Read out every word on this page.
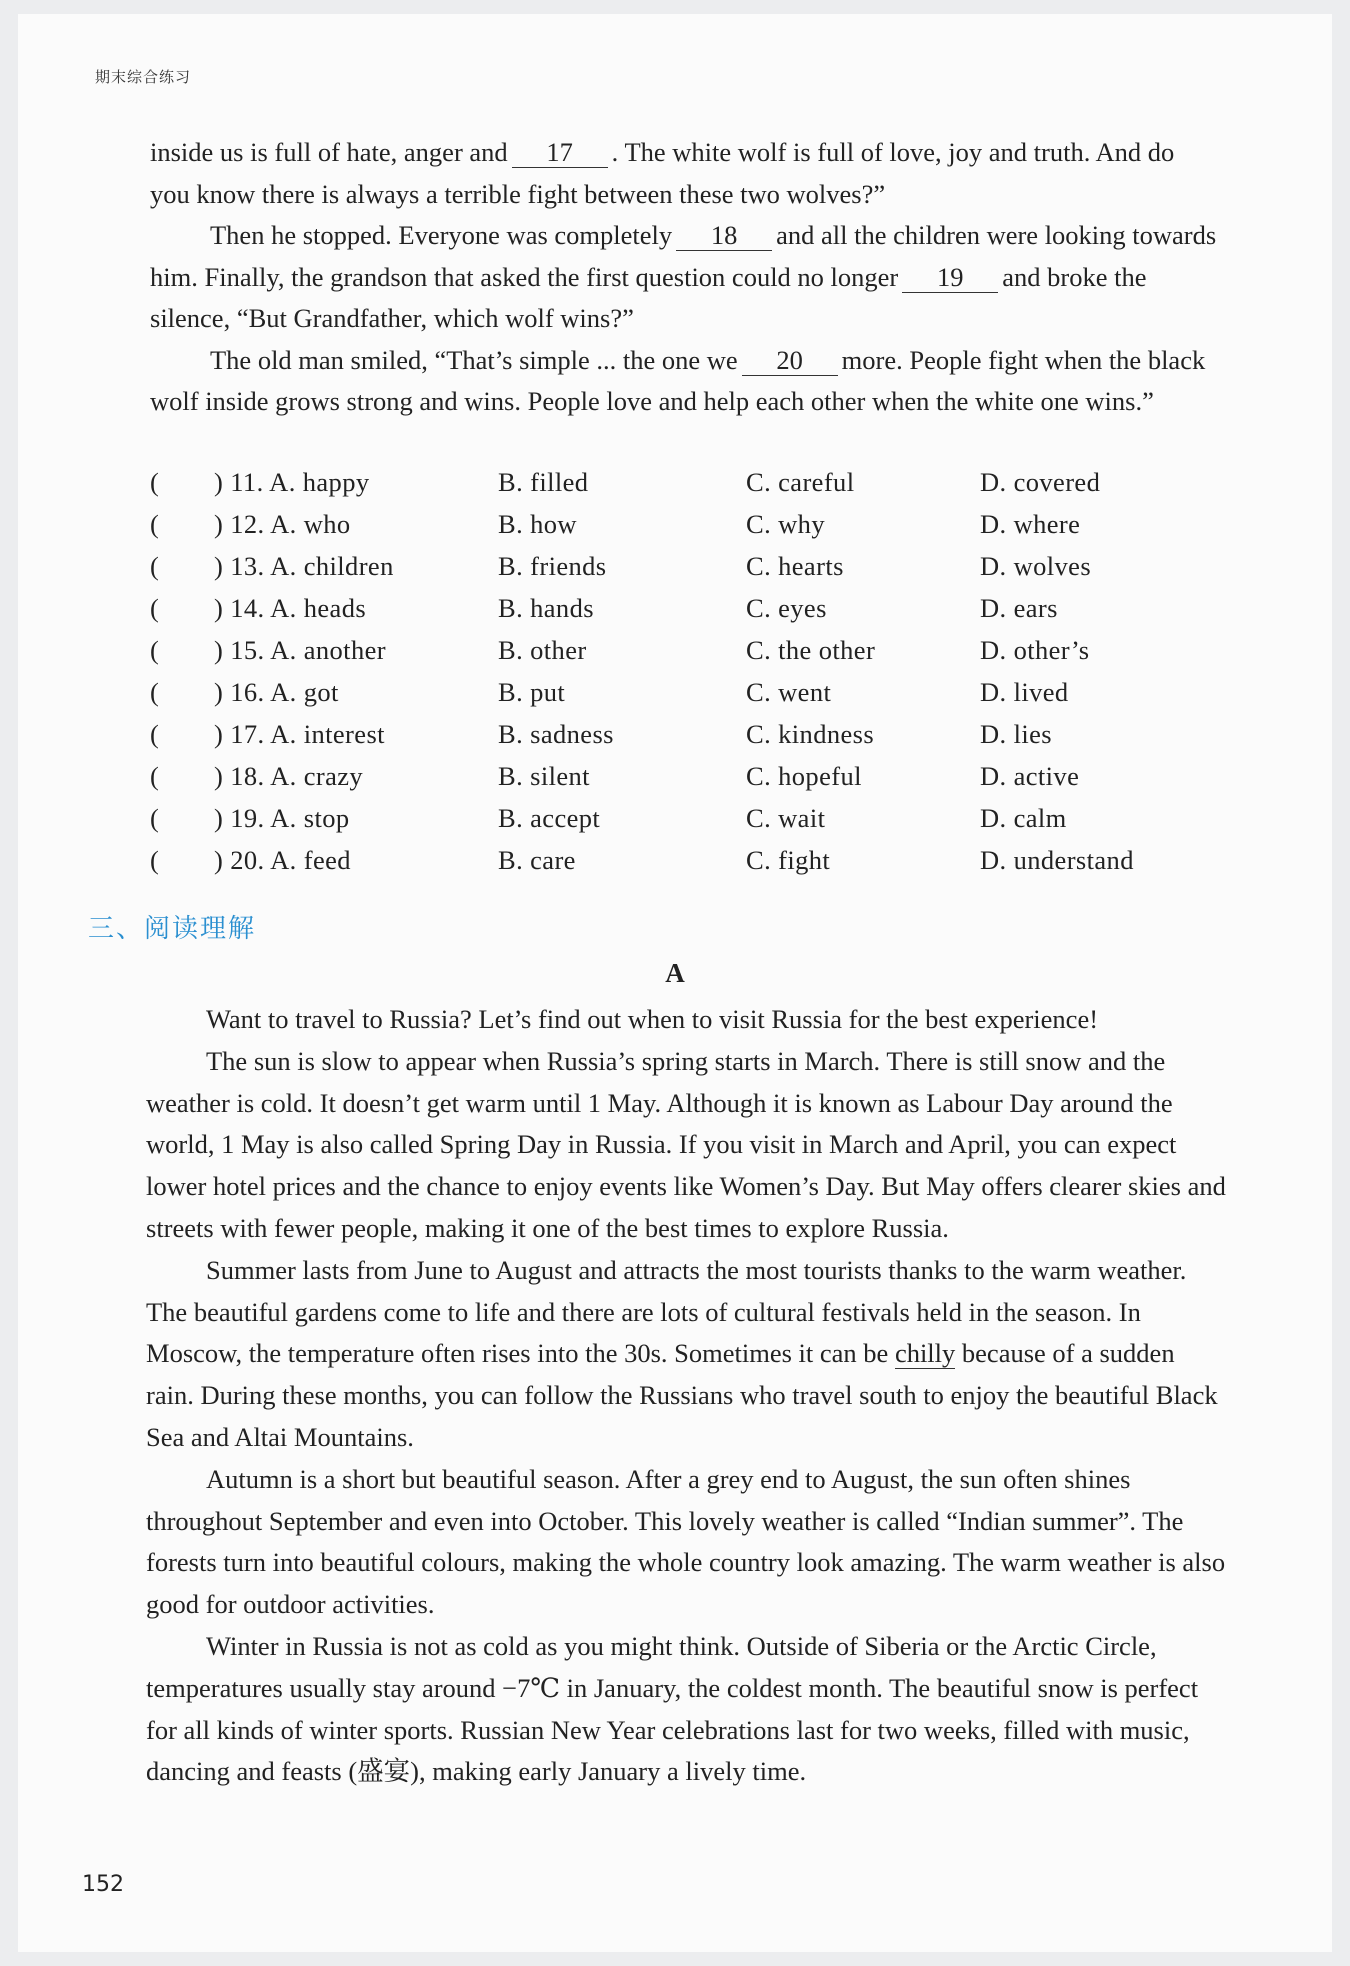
期末综合练习

inside us is full of hate, anger and 17 . The white wolf is full of love, joy and truth. And do you know there is always a terrible fight between these two wolves?”

Then he stopped. Everyone was completely 18 and all the children were looking towards him. Finally, the grandson that asked the first question could no longer 19 and broke the silence, “But Grandfather, which wolf wins?”

The old man smiled, “That’s simple ... the one we 20 more. People fight when the black wolf inside grows strong and wins. People love and help each other when the white one wins.”

( ) 11. A. happy	B. filled	C. careful	D. covered
( ) 12. A. who	B. how	C. why	D. where
( ) 13. A. children	B. friends	C. hearts	D. wolves
( ) 14. A. heads	B. hands	C. eyes	D. ears
( ) 15. A. another	B. other	C. the other	D. other’s
( ) 16. A. got	B. put	C. went	D. lived
( ) 17. A. interest	B. sadness	C. kindness	D. lies
( ) 18. A. crazy	B. silent	C. hopeful	D. active
( ) 19. A. stop	B. accept	C. wait	D. calm
( ) 20. A. feed	B. care	C. fight	D. understand
三、阅读理解
A

Want to travel to Russia? Let’s find out when to visit Russia for the best experience!

The sun is slow to appear when Russia’s spring starts in March. There is still snow and the weather is cold. It doesn’t get warm until 1 May. Although it is known as Labour Day around the world, 1 May is also called Spring Day in Russia. If you visit in March and April, you can expect lower hotel prices and the chance to enjoy events like Women’s Day. But May offers clearer skies and streets with fewer people, making it one of the best times to explore Russia.

Summer lasts from June to August and attracts the most tourists thanks to the warm weather. The beautiful gardens come to life and there are lots of cultural festivals held in the season. In Moscow, the temperature often rises into the 30s. Sometimes it can be chilly because of a sudden rain. During these months, you can follow the Russians who travel south to enjoy the beautiful Black Sea and Altai Mountains.

Autumn is a short but beautiful season. After a grey end to August, the sun often shines throughout September and even into October. This lovely weather is called “Indian summer”. The forests turn into beautiful colours, making the whole country look amazing. The warm weather is also good for outdoor activities.

Winter in Russia is not as cold as you might think. Outside of Siberia or the Arctic Circle, temperatures usually stay around −7℃ in January, the coldest month. The beautiful snow is perfect for all kinds of winter sports. Russian New Year celebrations last for two weeks, filled with music, dancing and feasts (盛宴), making early January a lively time.

152
